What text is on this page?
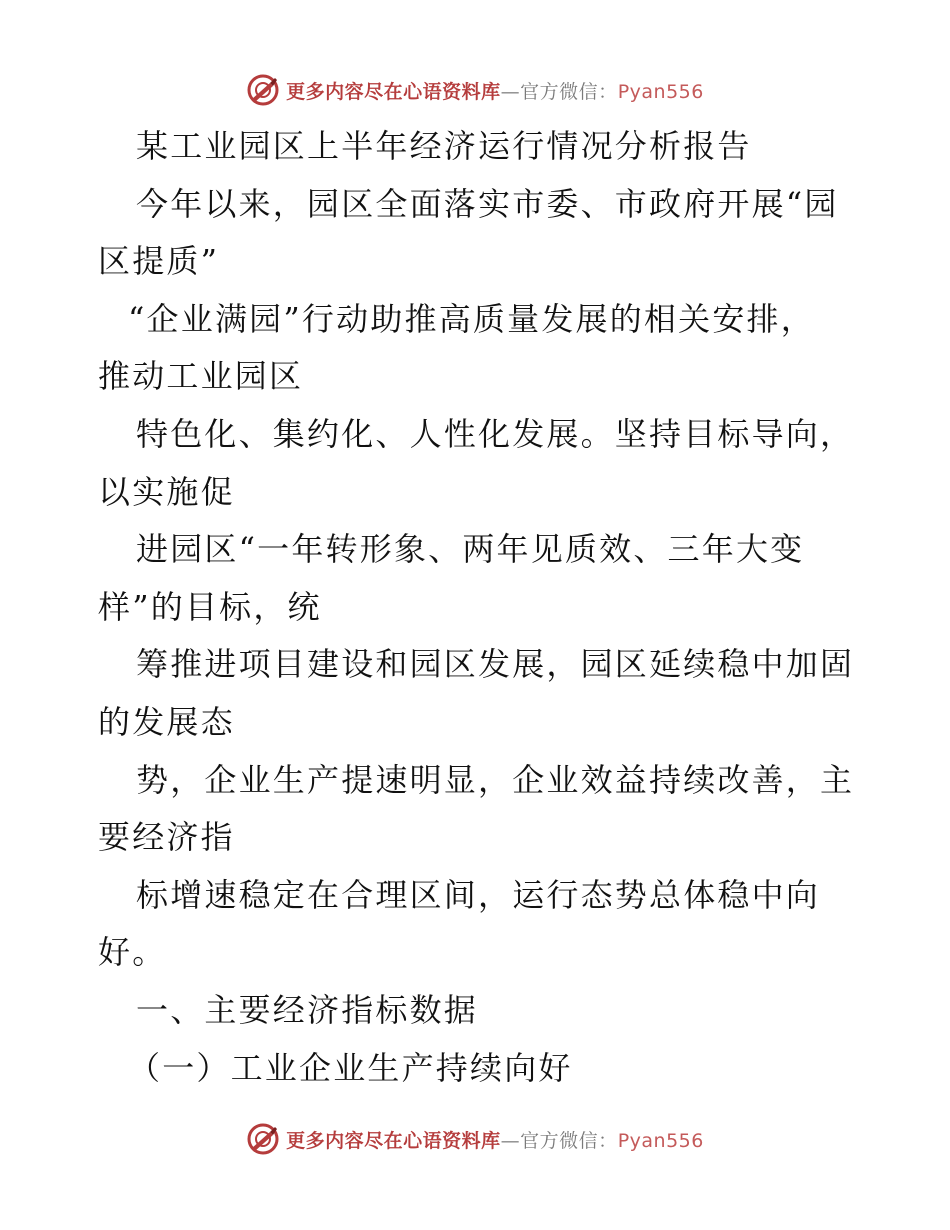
更多内容尽在心语资料库—官方微信：Pyan556
某工业园区上半年经济运行情况分析报告
今年以来，园区全面落实市委、市政府开展“园
区提质”
“企业满园”行动助推高质量发展的相关安排，
推动工业园区
特色化、集约化、人性化发展。坚持目标导向，
以实施促
进园区“一年转形象、两年见质效、三年大变
样”的目标，统
筹推进项目建设和园区发展，园区延续稳中加固
的发展态
势，企业生产提速明显，企业效益持续改善，主
要经济指
标增速稳定在合理区间，运行态势总体稳中向
好。
一、主要经济指标数据
（一）工业企业生产持续向好
更多内容尽在心语资料库—官方微信：Pyan556
